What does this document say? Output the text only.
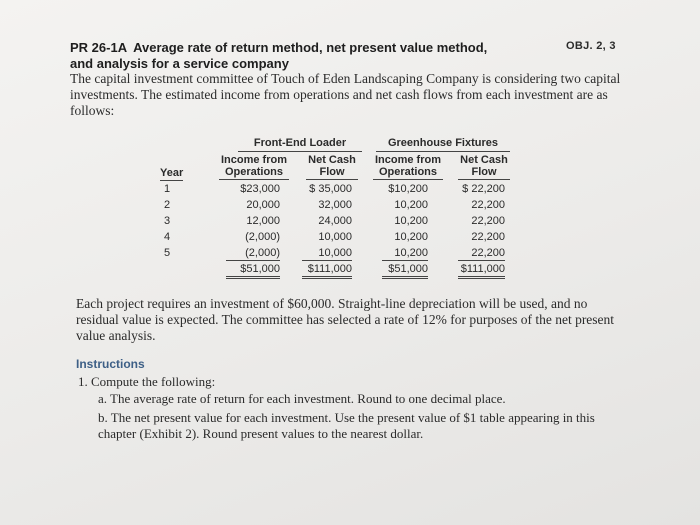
OBJ. 2, 3
PR 26-1A Average rate of return method, net present value method,
and analysis for a service company
The capital investment committee of Touch of Eden Landscaping Company is considering two capital investments. The estimated income from operations and net cash flows from each investment are as follows:
Front-End Loader	Greenhouse Fixtures
Income from
Operations
Net Cash
Flow
Income from
Operations
Net Cash
Flow
Year
1
2
3
4
5
$23,000
20,000
12,000
(2,000)
(2,000)
$51,000
$ 35,000
32,000
24,000
10,000
10,000
$111,000
$10,200
10,200
10,200
10,200
10,200
$51,000
$ 22,200
22,200
22,200
22,200
22,200
$111,000
Each project requires an investment of $60,000. Straight-line depreciation will be used, and no residual value is expected. The committee has selected a rate of 12% for purposes of the net present value analysis.
Instructions
1. Compute the following:
a. The average rate of return for each investment. Round to one decimal place.
b. The net present value for each investment. Use the present value of $1 table appearing in this chapter (Exhibit 2). Round present values to the nearest dollar.
